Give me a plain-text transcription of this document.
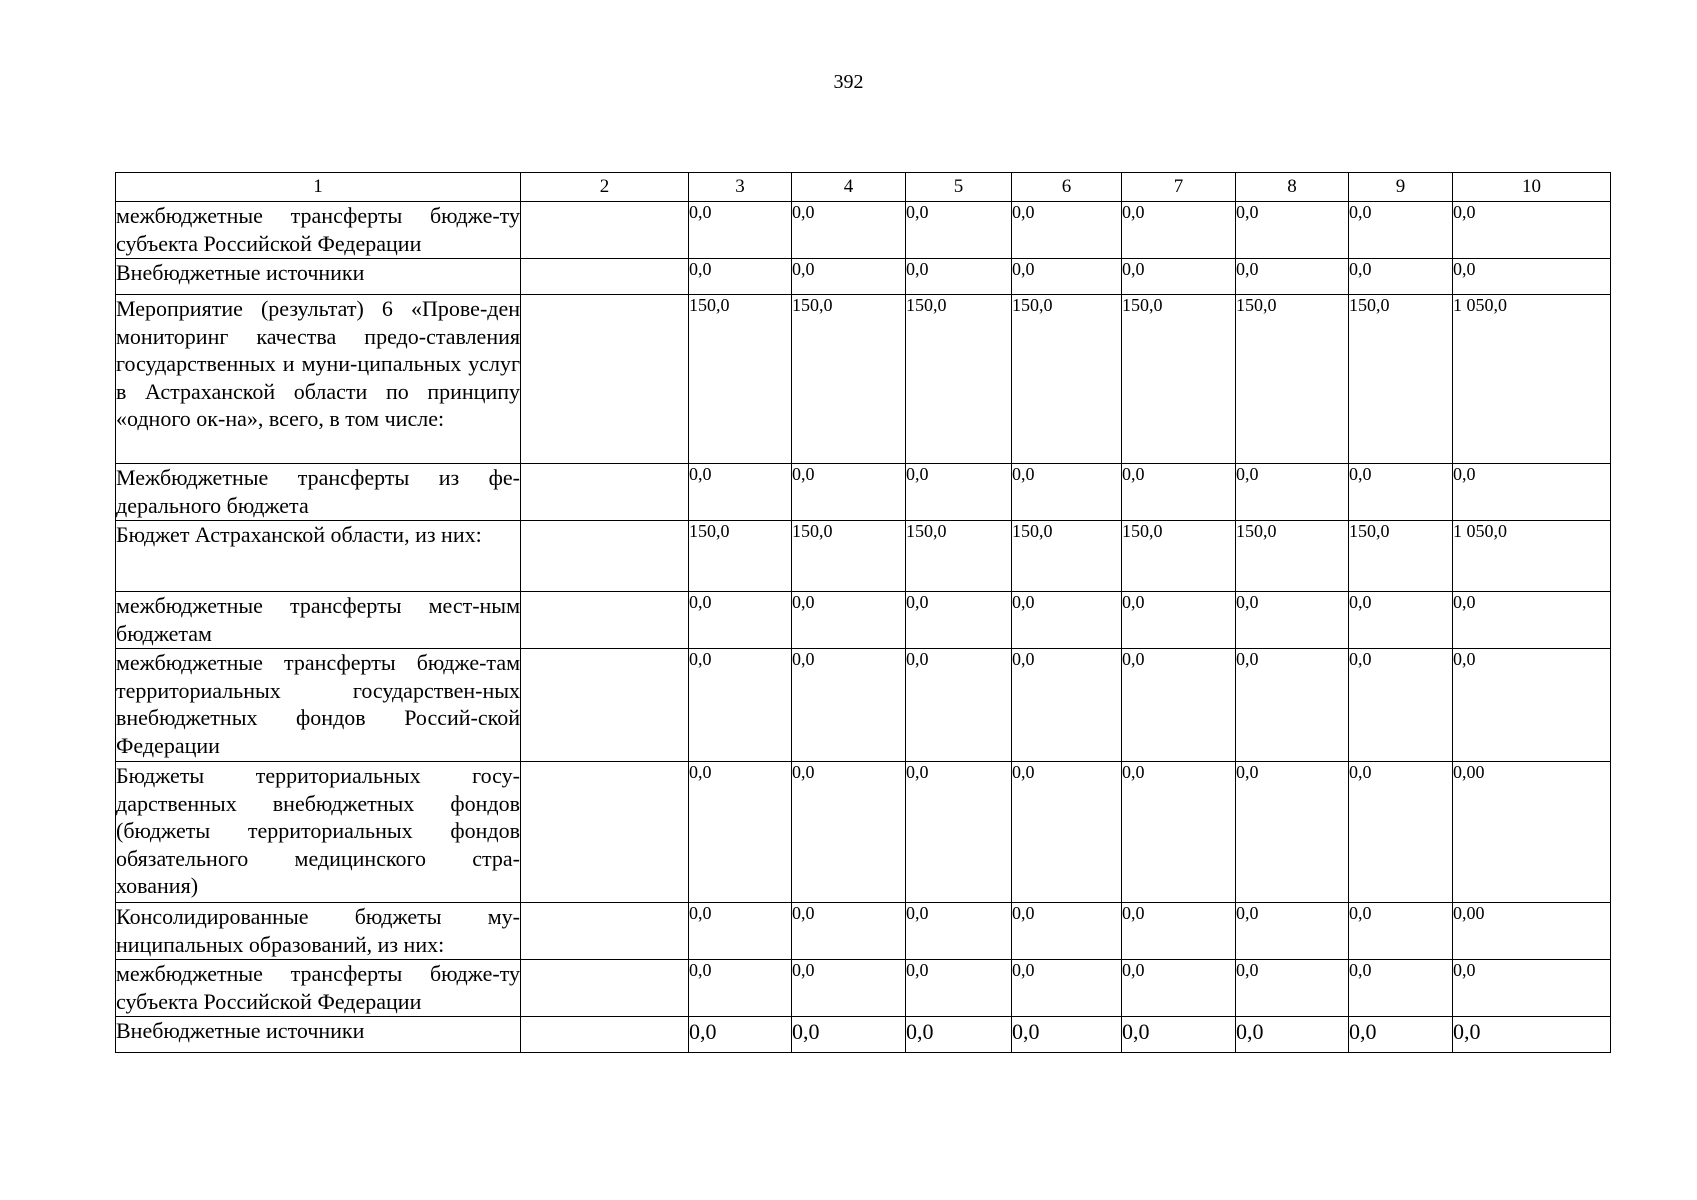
392
1	2	3	4	5	6	7	8	9	10
межбюджетные трансферты бюдже-ту субъекта Российской Федерации		0,0	0,0	0,0	0,0	0,0	0,0	0,0	0,0
Внебюджетные источники		0,0	0,0	0,0	0,0	0,0	0,0	0,0	0,0
Мероприятие (результат) 6 «Прове-ден мониторинг качества предо-ставления государственных и муни-ципальных услуг в Астраханской области по принципу «одного ок-на», всего, в том числе:		150,0	150,0	150,0	150,0	150,0	150,0	150,0	1 050,0
Межбюджетные трансферты из фе-дерального бюджета		0,0	0,0	0,0	0,0	0,0	0,0	0,0	0,0
Бюджет Астраханской области, из них:		150,0	150,0	150,0	150,0	150,0	150,0	150,0	1 050,0
межбюджетные трансферты мест-ным бюджетам		0,0	0,0	0,0	0,0	0,0	0,0	0,0	0,0
межбюджетные трансферты бюдже-там территориальных государствен-ных внебюджетных фондов Россий-ской Федерации		0,0	0,0	0,0	0,0	0,0	0,0	0,0	0,0
Бюджеты территориальных госу-дарственных внебюджетных фондов (бюджеты территориальных фондов обязательного медицинского стра-хования)		0,0	0,0	0,0	0,0	0,0	0,0	0,0	0,00
Консолидированные бюджеты му-ниципальных образований, из них:		0,0	0,0	0,0	0,0	0,0	0,0	0,0	0,00
межбюджетные трансферты бюдже-ту субъекта Российской Федерации		0,0	0,0	0,0	0,0	0,0	0,0	0,0	0,0
Внебюджетные источники		0,0	0,0	0,0	0,0	0,0	0,0	0,0	0,0
